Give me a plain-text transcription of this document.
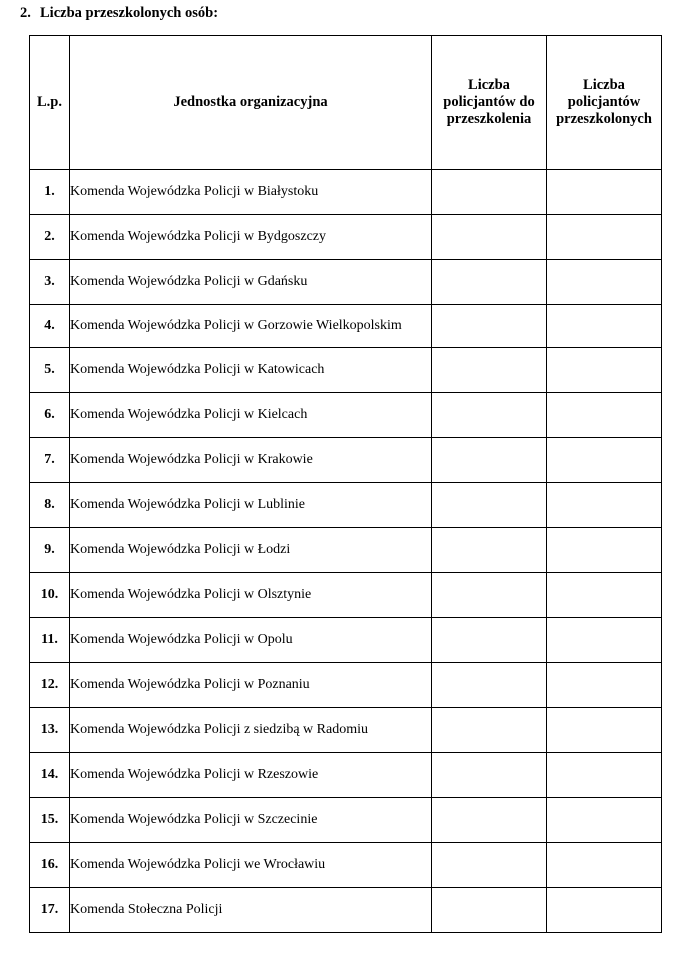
2. Liczba przeszkolonych osób:
L.p.	Jednostka organizacyjna	Liczba policjantów do przeszkolenia	Liczba policjantów przeszkolonych
1.	Komenda Wojewódzka Policji w Białystoku		
2.	Komenda Wojewódzka Policji w Bydgoszczy		
3.	Komenda Wojewódzka Policji w Gdańsku		
4.	Komenda Wojewódzka Policji w Gorzowie Wielkopolskim		
5.	Komenda Wojewódzka Policji w Katowicach		
6.	Komenda Wojewódzka Policji w Kielcach		
7.	Komenda Wojewódzka Policji w Krakowie		
8.	Komenda Wojewódzka Policji w Lublinie		
9.	Komenda Wojewódzka Policji w Łodzi		
10.	Komenda Wojewódzka Policji w Olsztynie		
11.	Komenda Wojewódzka Policji w Opolu		
12.	Komenda Wojewódzka Policji w Poznaniu		
13.	Komenda Wojewódzka Policji z siedzibą w Radomiu		
14.	Komenda Wojewódzka Policji w Rzeszowie		
15.	Komenda Wojewódzka Policji w Szczecinie		
16.	Komenda Wojewódzka Policji we Wrocławiu		
17.	Komenda Stołeczna Policji		
